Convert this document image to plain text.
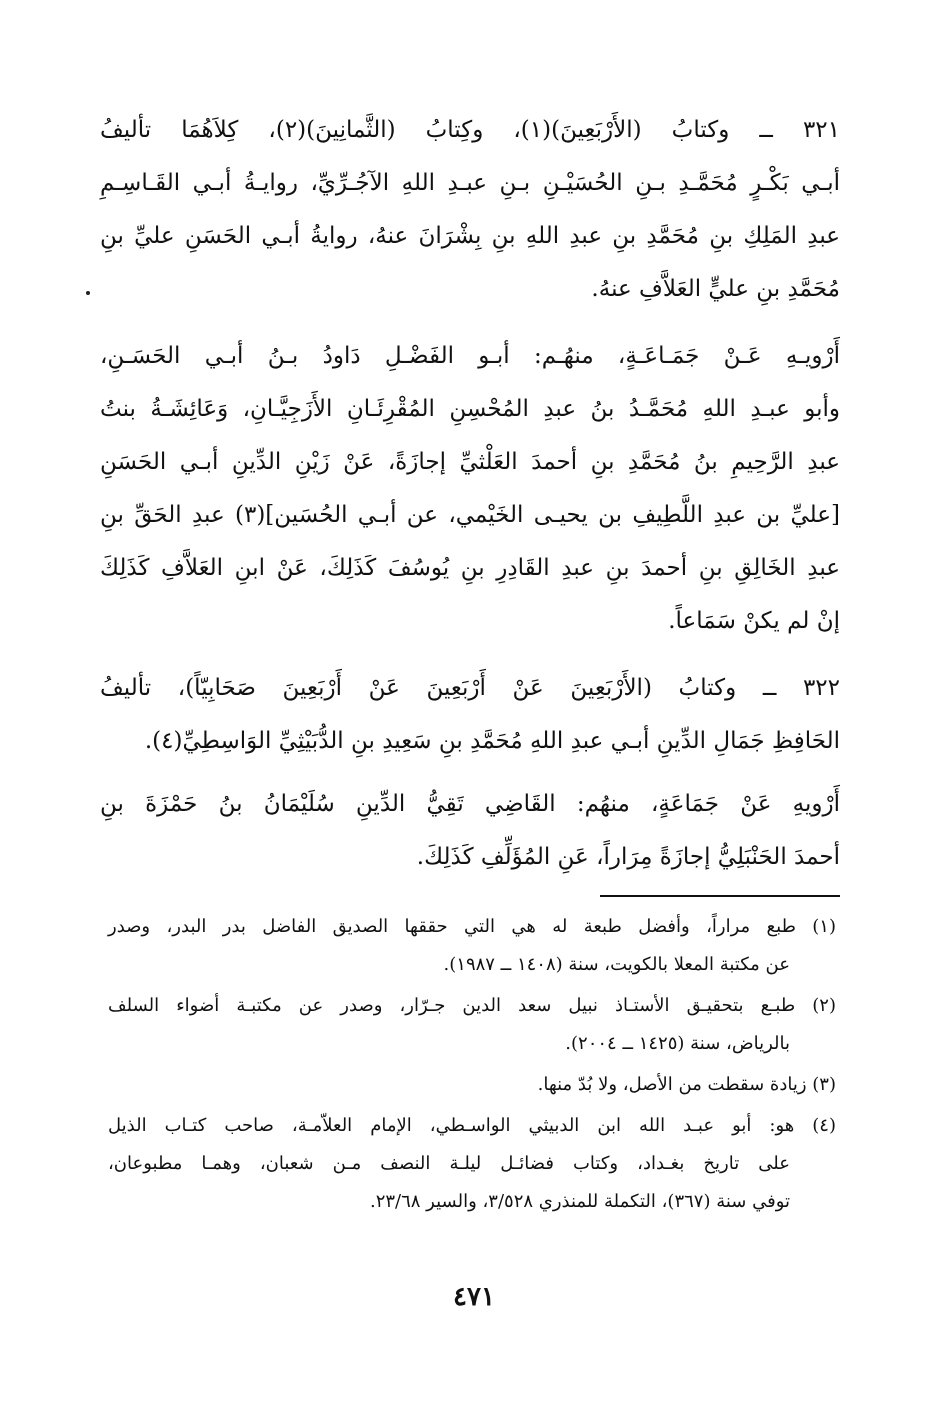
٣٢١ ــ وكتابُ (الأَرْبَعِينَ)(١)، وكِتابُ (الثَّمانِينَ)(٢)، كِلاَهُمَا تأليفُ
أبـي بَكْـرٍ مُحَمَّـدِ بـنِ الحُسَيْـنِ بـنِ عبـدِ اللهِ الآجُـرِّيِّ، روايـةُ أبـي القَـاسِـمِ
عبدِ المَلِكِ بنِ مُحَمَّدِ بنِ عبدِ اللهِ بنِ بِشْرَانَ عنهُ، روايةُ أبـي الحَسَنِ عليِّ بنِ
مُحَمَّدِ بنِ عليٍّ العَلاَّفِ عنهُ.
أَرْويـهِ عَـنْ جَمَـاعَـةٍ، منهُـم: أبـو الفَضْـلِ دَاودُ بـنُ أبـي الحَسَـنِ،
وأبو عبـدِ اللهِ مُحَمَّـدُ بنُ عبدِ المُحْسِنِ المُقْرِئَـانِ الأَزَجِيَّـانِ، وَعَائِشَـةُ بنتُ
عبدِ الرَّحِيمِ بنُ مُحَمَّدِ بنِ أحمدَ العَلْثيِّ إجازَةً، عَنْ زَيْنِ الدِّينِ أبـي الحَسَنِ
[عليِّ بن عبدِ اللَّطِيفِ بن يحيـى الخَيْمي، عن أبـي الحُسَين](٣) عبدِ الحَقِّ بنِ
عبدِ الخَالِقِ بنِ أحمدَ بنِ عبدِ القَادِرِ بنِ يُوسُفَ كَذَلِكَ، عَنْ ابنِ العَلاَّفِ كَذَلِكَ
إنْ لم يكنْ سَمَاعاً.
٣٢٢ ــ وكتابُ (الأَرْبَعِينَ عَنْ أَرْبَعِينَ عَنْ أَرْبَعِينَ صَحَابِيّاً)، تأليفُ
الحَافِظِ جَمَالِ الدِّينِ أبـي عبدِ اللهِ مُحَمَّدِ بنِ سَعِيدِ بنِ الدُّبَيْثِيِّ الوَاسِطِيِّ(٤).
أَرْويهِ عَنْ جَمَاعَةٍ، منهُم: القَاضِي تَقِيُّ الدِّينِ سُلَيْمَانُ بنُ حَمْزَةَ بنِ
أحمدَ الحَنْبَلِيُّ إجازَةً مِرَاراً، عَنِ المُؤَلِّفِ كَذَلِكَ.
(١) طبع مراراً، وأفضل طبعة له هي التي حققها الصديق الفاضل بدر البدر، وصدر
عن مكتبة المعلا بالكويت، سنة (١٤٠٨ ــ ١٩٨٧).
(٢) طبـع بتحقيـق الأستـاذ نبيل سعد الدين جـرّار، وصدر عن مكتبـة أضواء السلف
بالرياض، سنة (١٤٢٥ ــ ٢٠٠٤).
(٣) زيادة سقطت من الأصل، ولا بُدّ منها.
(٤) هو: أبو عبـد الله ابن الدبيثي الواسـطي، الإمام العلاّمـة، صاحب كتـاب الذيل
على تاريخ بغـداد، وكتاب فضائـل ليلـة النصف مـن شعبان، وهمـا مطبوعان،
توفي سنة (٣٦٧)، التكملة للمنذري ٣/٥٢٨، والسير ٢٣/٦٨.
٤٧١
